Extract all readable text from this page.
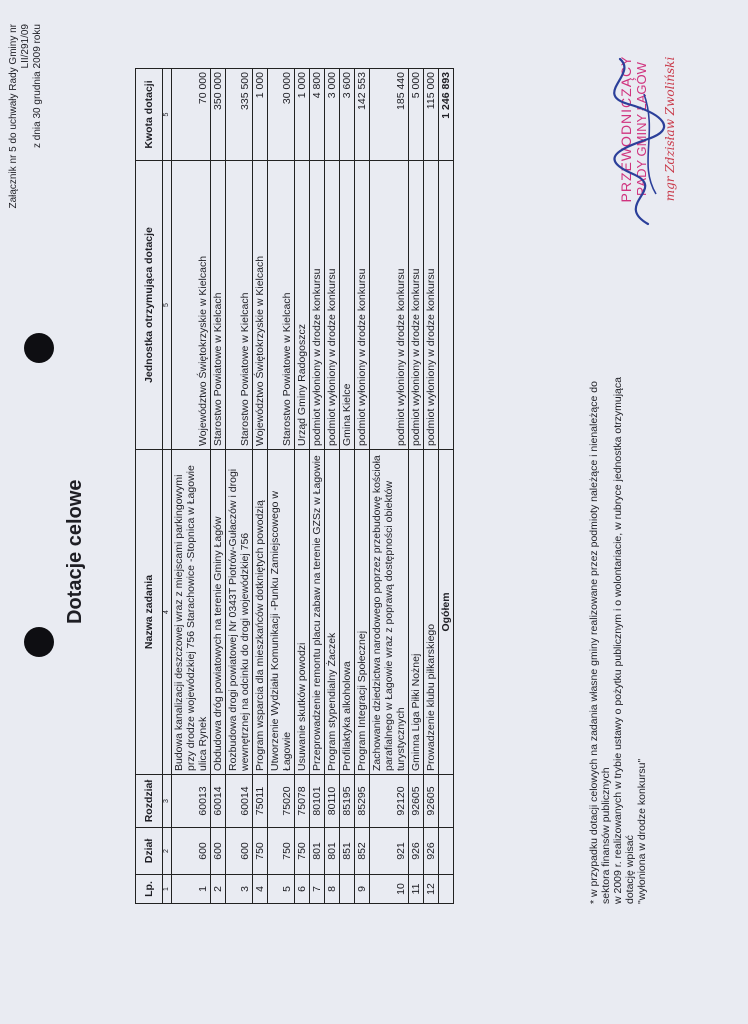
Załącznik nr 5 do uchwały Rady Gminy nr LII/291/09 z dnia 30 grudnia 2009 roku
Dotacje celowe
Lp.	Dział	Rozdział	Nazwa zadania	Jednostka otrzymująca dotacje	Kwota dotacji
1	2	3	4	5	5
1	600	60013	Budowa kanalizacji deszczowej wraz z miejscami parkingowymi przy drodze wojewódzkiej 756 Starachowice -Stopnica w Łagowie ulica Rynek	Województwo Świętokrzyskie w Kielcach	70 000
2	600	60014	Obdudowa dróg powiatowych na terenie Gminy Łagów	Starostwo Powiatowe w Kielcach	350 000
3	600	60014	Rozbudowa drogi powiatowej Nr 0343T Piotrów-Gułaczów i drogi wewnętrznej na odcinku do drogi wojewódzkiej 756	Starostwo Powiatowe w Kielcach	335 500
4	750	75011	Program wsparcia dla mieszkańców dotkniętych powodzią	Województwo Świętokrzyskie w Kielcach	1 000
5	750	75020	Utworzenie Wydziału Komunikacji -Punku Zamiejscowego w Łagowie	Starostwo Powiatowe w Kielcach	30 000
6	750	75078	Usuwanie skutków powodzi	Urząd Gminy Radogoszcz	1 000
7	801	80101	Przeprowadzenie remontu placu zabaw na terenie GZSz w Łagowie	podmiot wyłoniony w drodze konkursu	4 800
8	801	80110	Program stypendialny Żaczek	podmiot wyłoniony w drodze konkursu	3 000
	851	85195	Profilaktyka alkoholowa	Gmina Kielce	3 600
9	852	85295	Program Integracji Społecznej	podmiot wyłoniony w drodze konkursu	142 553
10	921	92120	Zachowanie dziedzictwa narodowego poprzez przebudowę kościoła parafialnego w Łagowie wraz z poprawą dostępności obiektów turystycznych	podmiot wyłoniony w drodze konkursu	185 440
11	926	92605	Gminna Liga Piłki Nożnej	podmiot wyłoniony w drodze konkursu	5 000
12	926	92605	Prowadzenie klubu piłkarskiego	podmiot wyłoniony w drodze konkursu	115 000
			Ogółem		1 246 893
* w przypadku dotacji celowych na zadania własne gminy realizowane przez podmioty należące i nienależące do sektora finansów publicznych w 2009 r. realizowanych w trybie ustawy o pożytku publicznym i o wolontariacie, w rubryce jednostka otrzymująca dotację wpisać "wyłoniona w drodze konkursu"
PRZEWODNICZĄCY RADY GMINY ŁAGÓW mgr Zdzisław Zwoliński
